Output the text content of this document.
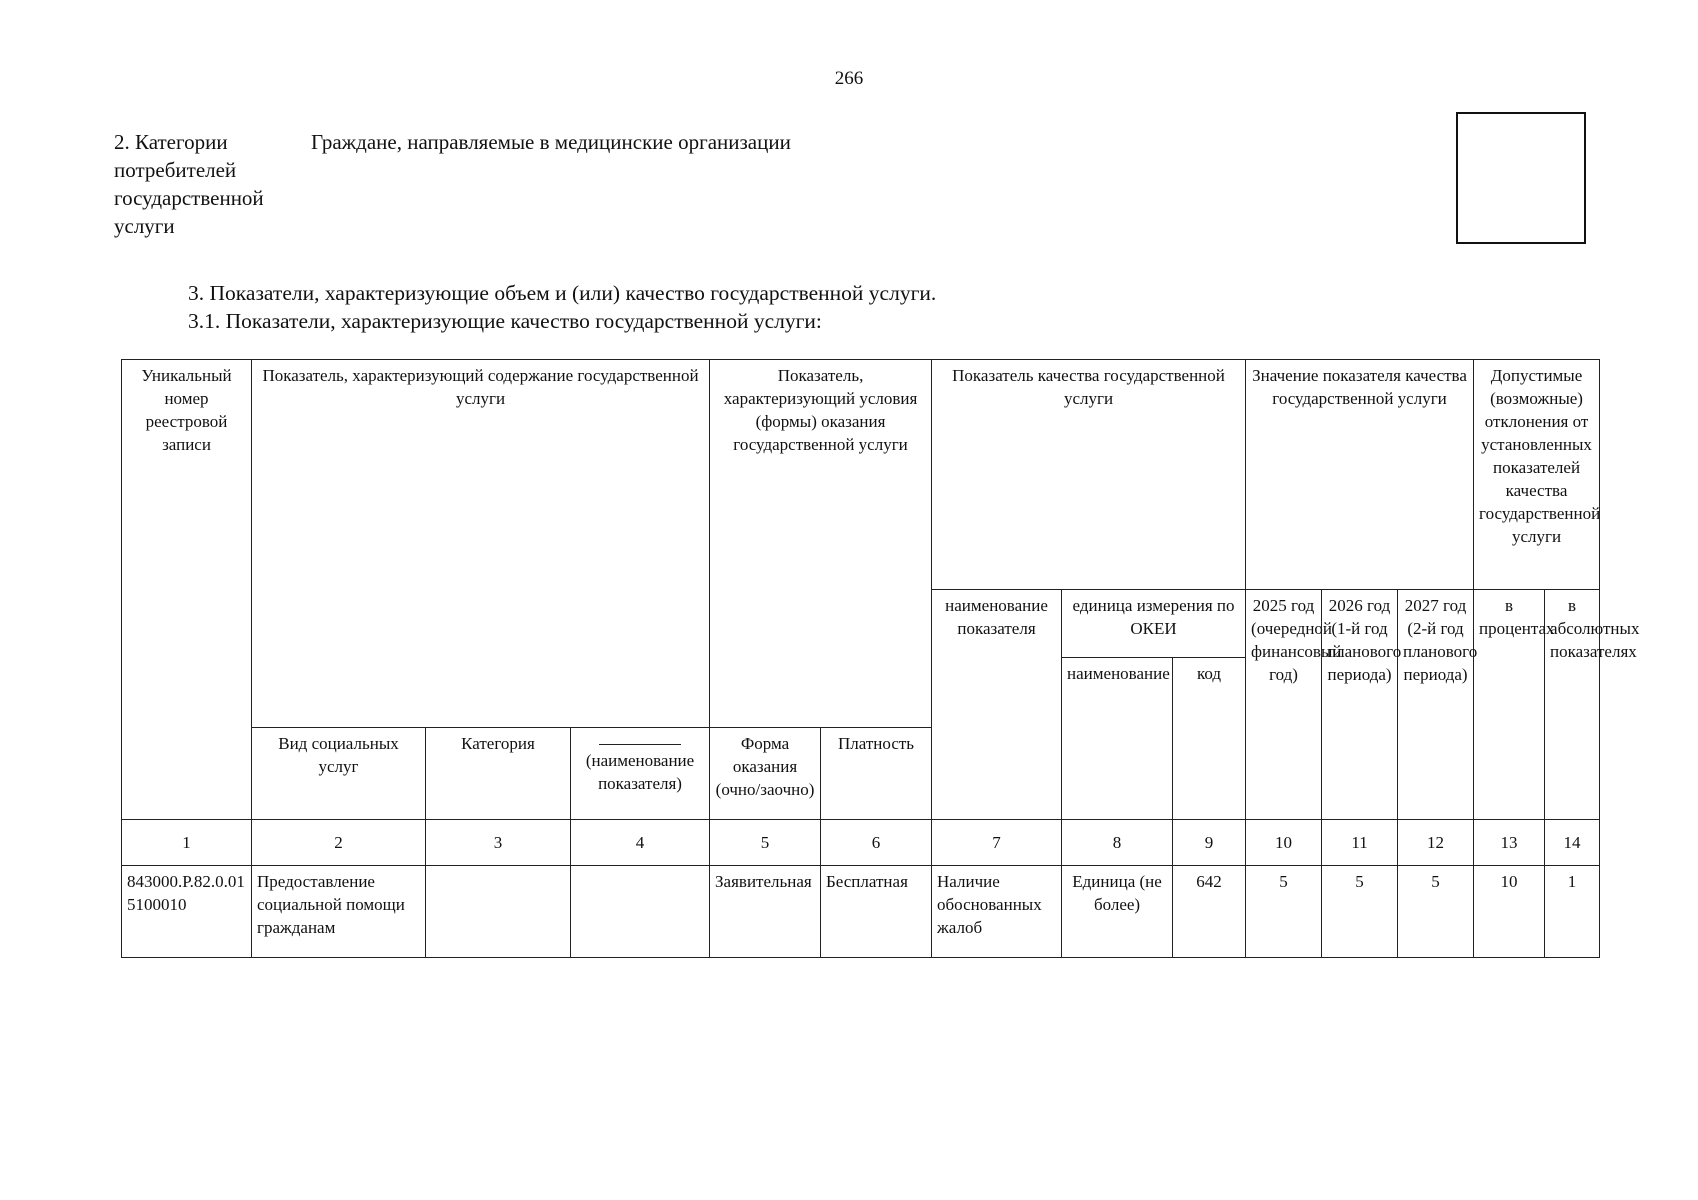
266
2. Категории потребителей государственной услуги
Граждане, направляемые в медицинские организации
3. Показатели, характеризующие объем и (или) качество государственной услуги.
3.1. Показатели, характеризующие качество государственной услуги:
Уникальный номер реестровой записи	Показатель, характеризующий содержание государственной услуги			Показатель, характеризующий условия (формы) оказания государственной услуги		Показатель качества государственной услуги			Значение показателя качества государственной услуги			Допустимые (возможные) отклонения от установленных показателей качества государственной услуги	
						наименование показателя	единица измерения по ОКЕИ		2025 год (очередной финансовый год)	2026 год (1-й год планового периода)	2027 год (2-й год планового периода)	в процентах	в абсолютных показателях
							наименование	код					
	Вид социальных услуг	Категория	(наименование показателя)	Форма оказания (очно/заочно)	Платность								
1	2	3	4	5	6	7	8	9	10	11	12	13	14
843000.Р.82.0.015100010	Предоставление социальной помощи гражданам			Заявительная	Бесплатная	Наличие обоснованных жалоб	Единица (не более)	642	5	5	5	10	1
